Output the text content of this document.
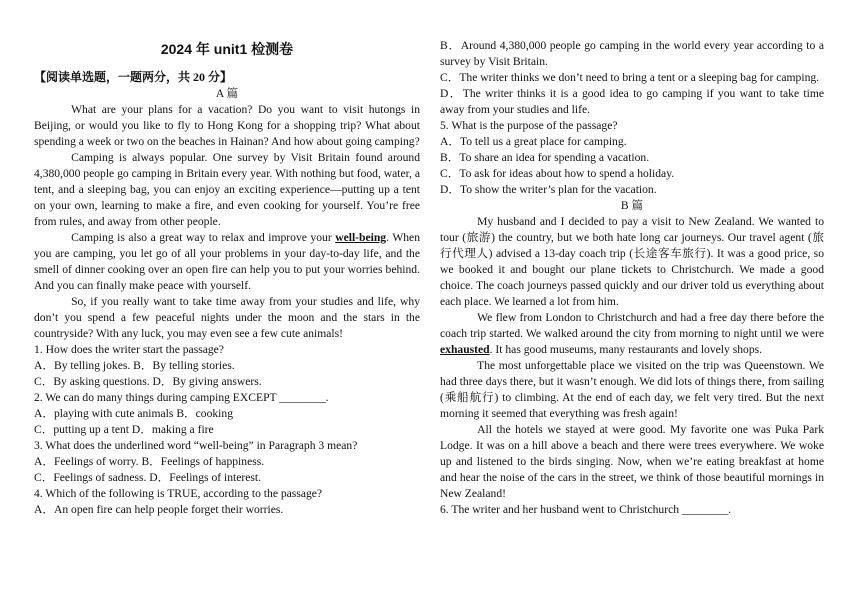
2024 年 unit1 检测卷
【阅读单选题，一题两分，共 20 分】

A 篇

What are your plans for a vacation? Do you want to visit hutongs in Beijing, or would you like to fly to Hong Kong for a shopping trip? What about spending a week or two on the beaches in Hainan? And how about going camping?

Camping is always popular. One survey by Visit Britain found around 4,380,000 people go camping in Britain every year. With nothing but food, water, a tent, and a sleeping bag, you can enjoy an exciting experience—putting up a tent on your own, learning to make a fire, and even cooking for yourself. You’re free from rules, and away from other people.

Camping is also a great way to relax and improve your well-being. When you are camping, you let go of all your problems in your day-to-day life, and the smell of dinner cooking over an open fire can help you to put your worries behind. And you can finally make peace with yourself.

So, if you really want to take time away from your studies and life, why don’t you spend a few peaceful nights under the moon and the stars in the countryside? With any luck, you may even see a few cute animals!

1. How does the writer start the passage?

A．By telling jokes. B．By telling stories.

C．By asking questions. D．By giving answers.

2. We can do many things during camping EXCEPT ________.

A．playing with cute animals B．cooking

C．putting up a tent D．making a fire

3. What does the underlined word “well-being” in Paragraph 3 mean?

A．Feelings of worry. B．Feelings of happiness.

C．Feelings of sadness. D．Feelings of interest.

4. Which of the following is TRUE, according to the passage?

A．An open fire can help people forget their worries.

B．Around 4,380,000 people go camping in the world every year according to a survey by Visit Britain.

C．The writer thinks we don’t need to bring a tent or a sleeping bag for camping.

D．The writer thinks it is a good idea to go camping if you want to take time away from your studies and life.

5. What is the purpose of the passage?

A．To tell us a great place for camping.

B．To share an idea for spending a vacation.

C．To ask for ideas about how to spend a holiday.

D．To show the writer’s plan for the vacation.

B 篇

My husband and I decided to pay a visit to New Zealand. We wanted to tour (旅游) the country, but we both hate long car journeys. Our travel agent (旅行代理人) advised a 13-day coach trip (长途客车旅行). It was a good price, so we booked it and bought our plane tickets to Christchurch. We made a good choice. The coach journeys passed quickly and our driver told us everything about each place. We learned a lot from him.

We flew from London to Christchurch and had a free day there before the coach trip started. We walked around the city from morning to night until we were exhausted. It has good museums, many restaurants and lovely shops.

The most unforgettable place we visited on the trip was Queenstown. We had three days there, but it wasn’t enough. We did lots of things there, from sailing (乘船航行) to climbing. At the end of each day, we felt very tired. But the next morning it seemed that everything was fresh again!

All the hotels we stayed at were good. My favorite one was Puka Park Lodge. It was on a hill above a beach and there were trees everywhere. We woke up and listened to the birds singing. Now, when we’re eating breakfast at home and hear the noise of the cars in the street, we think of those beautiful mornings in New Zealand!

6. The writer and her husband went to Christchurch ________.
